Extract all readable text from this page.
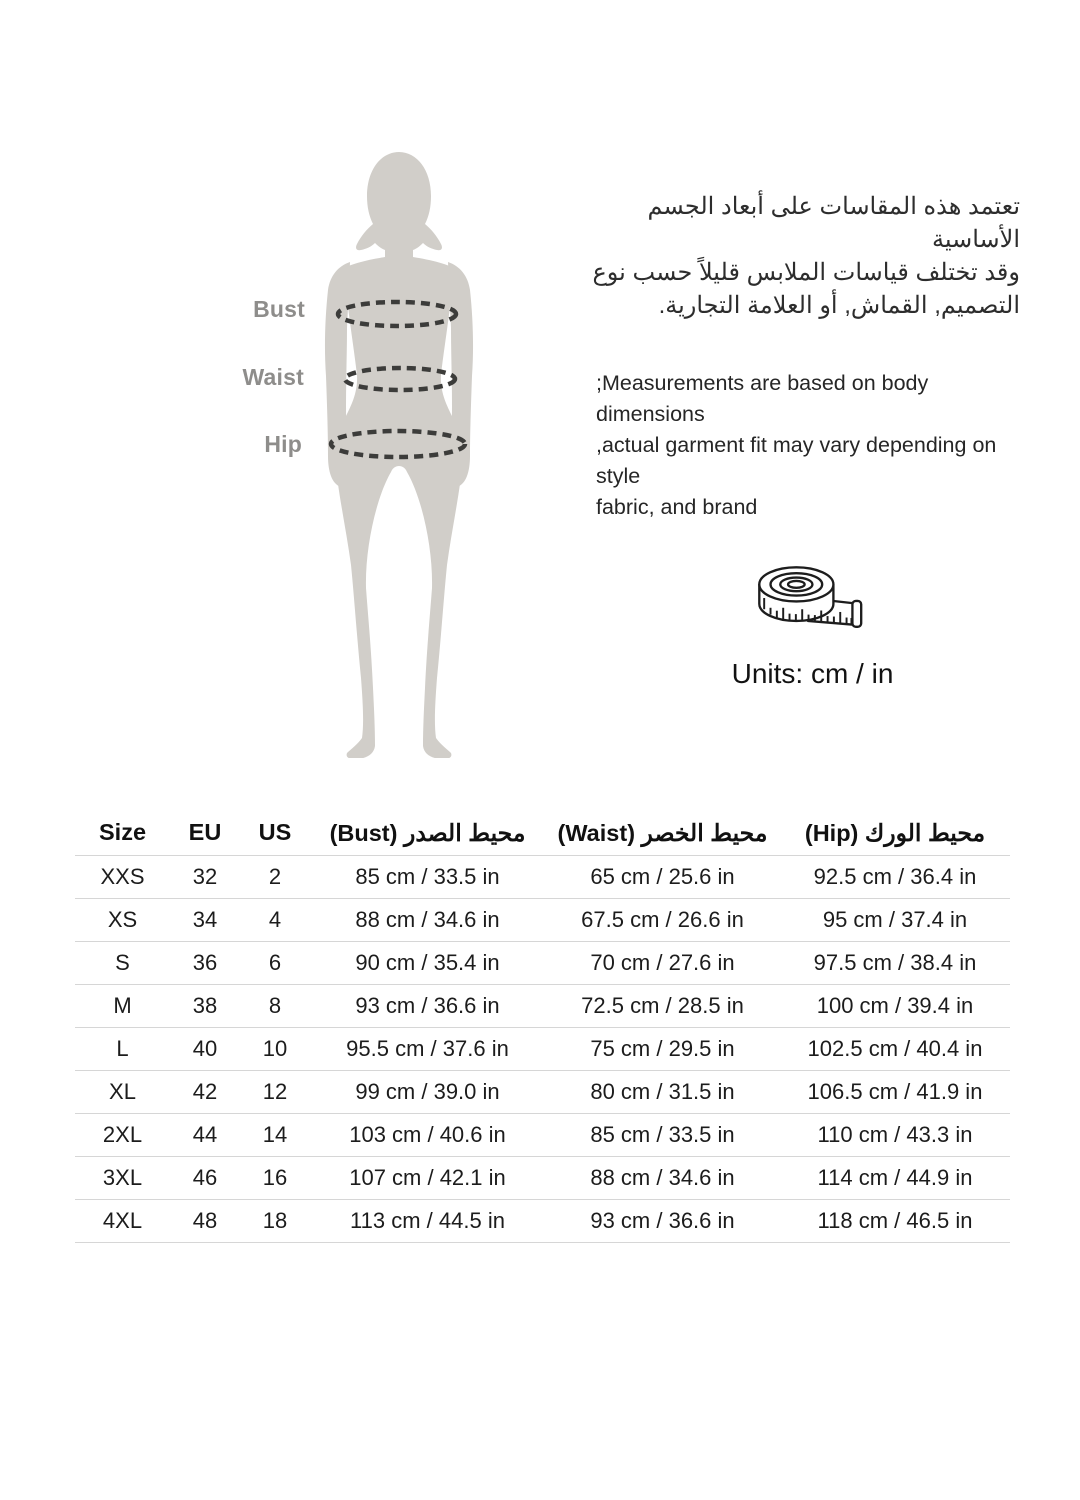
Bust
Waist
Hip
تعتمد هذه المقاسات على أبعاد الجسم الأساسية
وقد تختلف قياسات الملابس قليلاً حسب نوع
التصميم, القماش, أو العلامة التجارية.
;Measurements are based on body dimensions
,actual garment fit may vary depending on style
fabric, and brand
Units: cm / in
Size	EU	US	محيط الصدر (Bust)	محيط الخصر (Waist)	محيط الورك (Hip)
XXS	32	2	85 cm / 33.5 in	65 cm / 25.6 in	92.5 cm / 36.4 in
XS	34	4	88 cm / 34.6 in	67.5 cm / 26.6 in	95 cm / 37.4 in
S	36	6	90 cm / 35.4 in	70 cm / 27.6 in	97.5 cm / 38.4 in
M	38	8	93 cm / 36.6 in	72.5 cm / 28.5 in	100 cm / 39.4 in
L	40	10	95.5 cm / 37.6 in	75 cm / 29.5 in	102.5 cm / 40.4 in
XL	42	12	99 cm / 39.0 in	80 cm / 31.5 in	106.5 cm / 41.9 in
2XL	44	14	103 cm / 40.6 in	85 cm / 33.5 in	110 cm / 43.3 in
3XL	46	16	107 cm / 42.1 in	88 cm / 34.6 in	114 cm / 44.9 in
4XL	48	18	113 cm / 44.5 in	93 cm / 36.6 in	118 cm / 46.5 in
